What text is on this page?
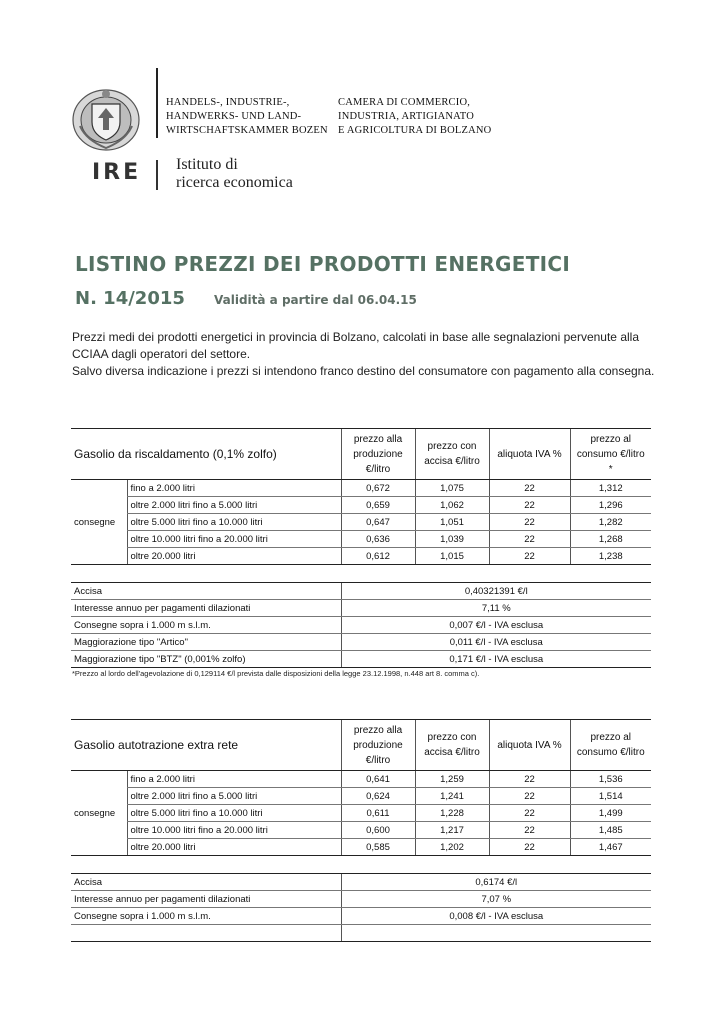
HANDELS-, INDUSTRIE-,
HANDWERKS- UND LAND-
WIRTSCHAFTSKAMMER BOZEN
CAMERA DI COMMERCIO,
INDUSTRIA, ARTIGIANATO
E AGRICOLTURA DI BOLZANO
IRE Istituto di
ricerca economica
LISTINO PREZZI DEI PRODOTTI ENERGETICI
N. 14/2015 Validità a partire dal 06.04.15

Prezzi medi dei prodotti energetici in provincia di Bolzano, calcolati in base alle segnalazioni pervenute alla

CCIAA dagli operatori del settore.

Salvo diversa indicazione i prezzi si intendono franco destino del consumatore con pagamento alla consegna.

Gasolio da riscaldamento (0,1% zolfo)		prezzo alla produzione €/litro	prezzo con accisa €/litro	aliquota IVA %	prezzo al consumo €/litro *
consegne	fino a 2.000 litri	0,672	1,075	22	1,312
	oltre 2.000 litri fino a 5.000 litri	0,659	1,062	22	1,296
	oltre 5.000 litri fino a 10.000 litri	0,647	1,051	22	1,282
	oltre 10.000 litri fino a 20.000 litri	0,636	1,039	22	1,268
	oltre 20.000 litri	0,612	1,015	22	1,238
Accisa	0,40321391 €/l
Interesse annuo per pagamenti dilazionati	7,11 %
Consegne sopra i 1.000 m s.l.m.	0,007 €/l - IVA esclusa
Maggiorazione tipo "Artico"	0,011 €/l - IVA esclusa
Maggiorazione tipo "BTZ" (0,001% zolfo)	0,171 €/l - IVA esclusa
*Prezzo al lordo dell'agevolazione di 0,129114 €/l prevista dalle disposizioni della legge 23.12.1998, n.448 art 8. comma c).
Gasolio autotrazione extra rete		prezzo alla produzione €/litro	prezzo con accisa €/litro	aliquota IVA %	prezzo al consumo €/litro
consegne	fino a 2.000 litri	0,641	1,259	22	1,536
	oltre 2.000 litri fino a 5.000 litri	0,624	1,241	22	1,514
	oltre 5.000 litri fino a 10.000 litri	0,611	1,228	22	1,499
	oltre 10.000 litri fino a 20.000 litri	0,600	1,217	22	1,485
	oltre 20.000 litri	0,585	1,202	22	1,467
Accisa	0,6174 €/l
Interesse annuo per pagamenti dilazionati	7,07 %
Consegne sopra i 1.000 m s.l.m.	0,008 €/l - IVA esclusa
